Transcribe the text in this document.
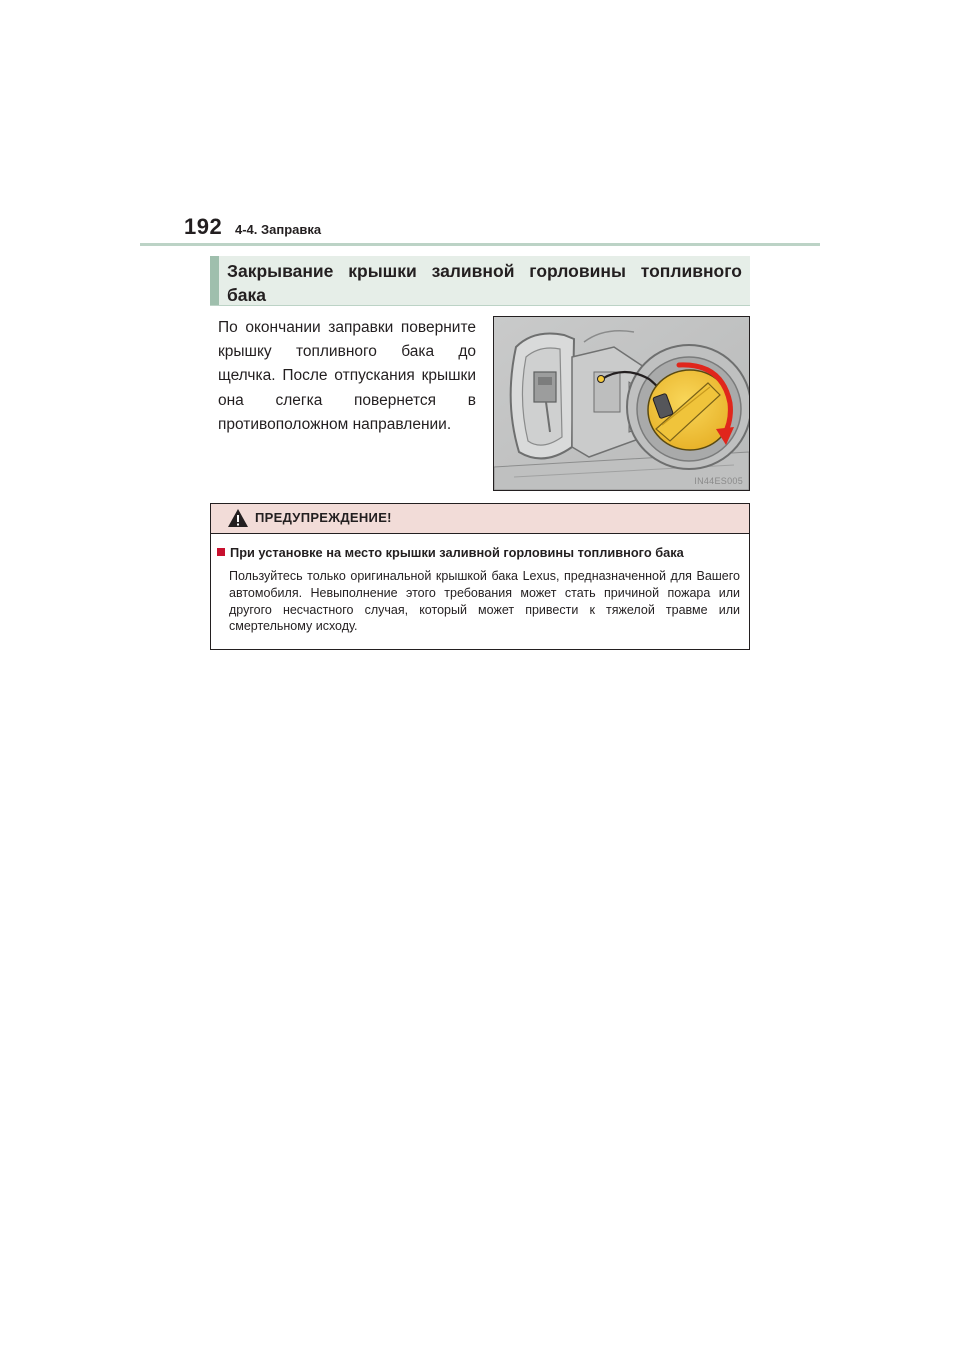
192 4-4. Заправка
Закрывание крышки заливной горловины топливного бака
По окончании заправки поверните крышку топливного бака до щелчка. После отпускания крышки она слегка повернется в противоположном направлении.
IN44ES005
ПРЕДУПРЕЖДЕНИЕ!
При установке на место крышки заливной горловины топливного бака
Пользуйтесь только оригинальной крышкой бака Lexus, предназначенной для Вашего автомобиля. Невыполнение этого требования может стать причиной пожара или другого несчастного случая, который может привести к тяжелой травме или смертельному исходу.
